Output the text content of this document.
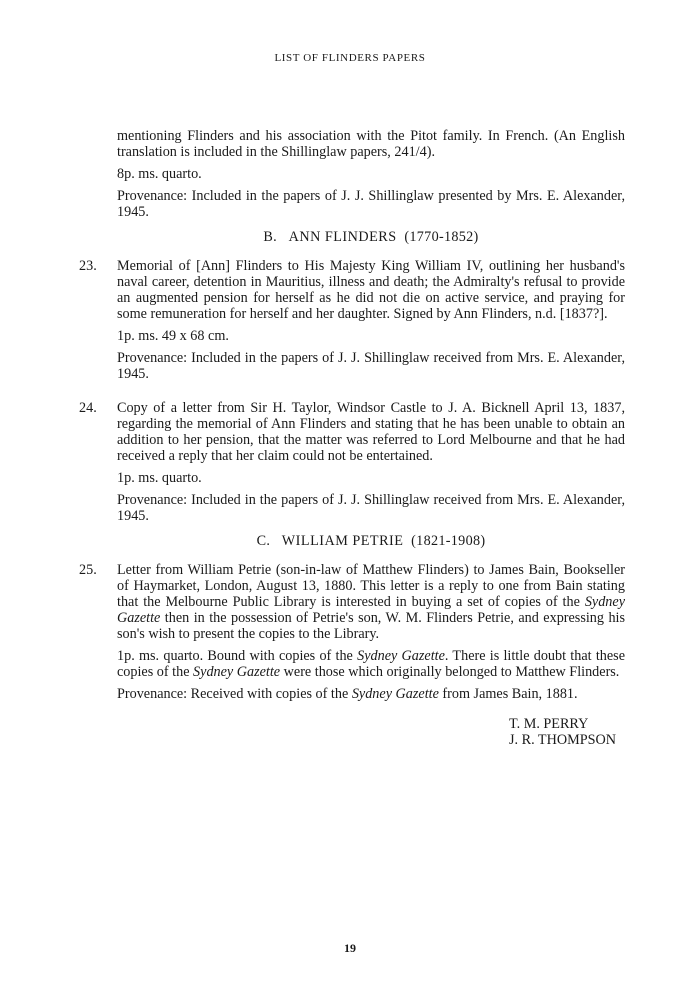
LIST OF FLINDERS PAPERS

mentioning Flinders and his association with the Pitot family. In French. (An English translation is included in the Shillinglaw papers, 241/4).

8p. ms. quarto.

Provenance: Included in the papers of J. J. Shillinglaw presented by Mrs. E. Alexander, 1945.

B. ANN FLINDERS (1770-1852)
23. Memorial of [Ann] Flinders to His Majesty King William IV, outlining her husband's naval career, detention in Mauritius, illness and death; the Admiralty's refusal to provide an augmented pension for herself as he did not die on active service, and praying for some remuneration for herself and her daughter. Signed by Ann Flinders, n.d. [1837?].

1p. ms. 49 x 68 cm.

Provenance: Included in the papers of J. J. Shillinglaw received from Mrs. E. Alexander, 1945.

24. Copy of a letter from Sir H. Taylor, Windsor Castle to J. A. Bicknell April 13, 1837, regarding the memorial of Ann Flinders and stating that he has been unable to obtain an addition to her pension, that the matter was referred to Lord Melbourne and that he had received a reply that her claim could not be entertained.

1p. ms. quarto.

Provenance: Included in the papers of J. J. Shillinglaw received from Mrs. E. Alexander, 1945.

C. WILLIAM PETRIE (1821-1908)
25. Letter from William Petrie (son-in-law of Matthew Flinders) to James Bain, Bookseller of Haymarket, London, August 13, 1880. This letter is a reply to one from Bain stating that the Melbourne Public Library is interested in buying a set of copies of the Sydney Gazette then in the possession of Petrie's son, W. M. Flinders Petrie, and expressing his son's wish to present the copies to the Library.

1p. ms. quarto. Bound with copies of the Sydney Gazette. There is little doubt that these copies of the Sydney Gazette were those which originally belonged to Matthew Flinders.

Provenance: Received with copies of the Sydney Gazette from James Bain, 1881.

T. M. PERRY
J. R. THOMPSON
19
